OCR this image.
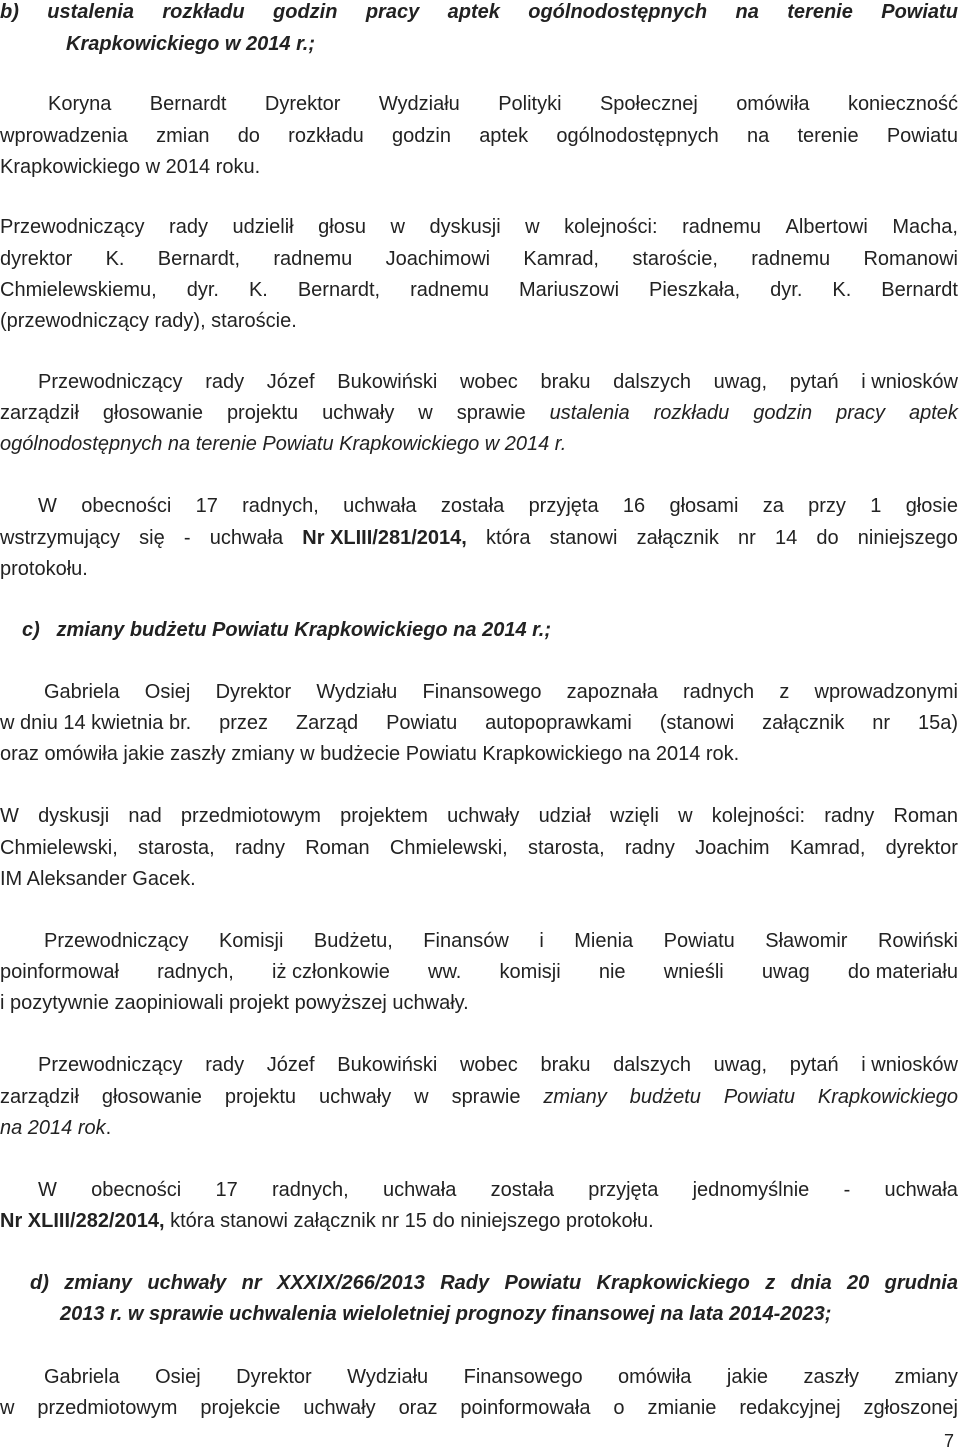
b) ustalenia rozkładu godzin pracy aptek ogólnodostępnych na terenie Powiatu
Krapkowickiego w 2014 r.;
Koryna Bernardt Dyrektor Wydziału Polityki Społecznej omówiła konieczność
wprowadzenia zmian do rozkładu godzin aptek ogólnodostępnych na terenie Powiatu
Krapkowickiego w 2014 roku.
Przewodniczący rady udzielił głosu w dyskusji w kolejności: radnemu Albertowi Macha,
dyrektor K. Bernardt, radnemu Joachimowi Kamrad, staroście, radnemu Romanowi
Chmielewskiemu, dyr. K. Bernardt, radnemu Mariuszowi Pieszkała, dyr. K. Bernardt
(przewodniczący rady), staroście.
Przewodniczący rady Józef Bukowiński wobec braku dalszych uwag, pytań i wniosków
zarządził głosowanie projektu uchwały w sprawie ustalenia rozkładu godzin pracy aptek
ogólnodostępnych na terenie Powiatu Krapkowickiego w 2014 r.
W obecności 17 radnych, uchwała została przyjęta 16 głosami za przy 1 głosie
wstrzymujący się - uchwała Nr XLIII/281/2014, która stanowi załącznik nr 14 do niniejszego
protokołu.
c)   zmiany budżetu Powiatu Krapkowickiego na 2014 r.;
Gabriela Osiej Dyrektor Wydziału Finansowego zapoznała radnych z wprowadzonymi
w dniu 14 kwietnia br. przez Zarząd Powiatu autopoprawkami (stanowi załącznik nr 15a)
oraz omówiła jakie zaszły zmiany w budżecie Powiatu Krapkowickiego na 2014 rok.
W dyskusji nad przedmiotowym projektem uchwały udział wzięli w kolejności: radny Roman
Chmielewski, starosta, radny Roman Chmielewski, starosta, radny Joachim Kamrad, dyrektor
IM Aleksander Gacek.
Przewodniczący Komisji Budżetu, Finansów i Mienia Powiatu Sławomir Rowiński
poinformował radnych, iż członkowie ww. komisji nie wnieśli uwag do materiału
i pozytywnie zaopiniowali projekt powyższej uchwały.
Przewodniczący rady Józef Bukowiński wobec braku dalszych uwag, pytań i wniosków
zarządził głosowanie projektu uchwały w sprawie zmiany budżetu Powiatu Krapkowickiego
na 2014 rok.
W obecności 17 radnych, uchwała została przyjęta jednomyślnie - uchwała
Nr XLIII/282/2014, która stanowi załącznik nr 15 do niniejszego protokołu.
d) zmiany uchwały nr XXXIX/266/2013 Rady Powiatu Krapkowickiego z dnia 20 grudnia
2013 r. w sprawie uchwalenia wieloletniej prognozy finansowej na lata 2014-2023;
Gabriela Osiej Dyrektor Wydziału Finansowego omówiła jakie zaszły zmiany
w przedmiotowym projekcie uchwały oraz poinformowała o zmianie redakcyjnej zgłoszonej
7
